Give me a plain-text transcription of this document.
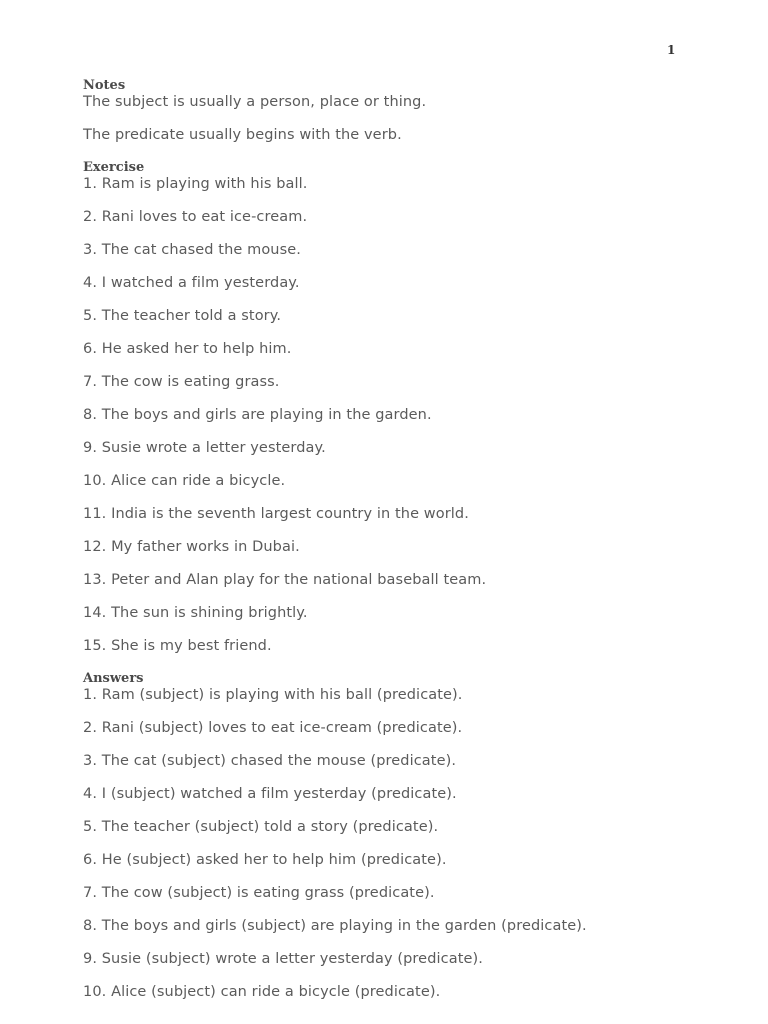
1
Notes
The subject is usually a person, place or thing.
The predicate usually begins with the verb.
Exercise
1. Ram is playing with his ball.
2. Rani loves to eat ice-cream.
3. The cat chased the mouse.
4. I watched a film yesterday.
5. The teacher told a story.
6. He asked her to help him.
7. The cow is eating grass.
8. The boys and girls are playing in the garden.
9. Susie wrote a letter yesterday.
10. Alice can ride a bicycle.
11. India is the seventh largest country in the world.
12. My father works in Dubai.
13. Peter and Alan play for the national baseball team.
14. The sun is shining brightly.
15. She is my best friend.
Answers
1. Ram (subject) is playing with his ball (predicate).
2. Rani (subject) loves to eat ice-cream (predicate).
3. The cat (subject) chased the mouse (predicate).
4. I (subject) watched a film yesterday (predicate).
5. The teacher (subject) told a story (predicate).
6. He (subject) asked her to help him (predicate).
7. The cow (subject) is eating grass (predicate).
8. The boys and girls (subject) are playing in the garden (predicate).
9. Susie (subject) wrote a letter yesterday (predicate).
10. Alice (subject) can ride a bicycle (predicate).
